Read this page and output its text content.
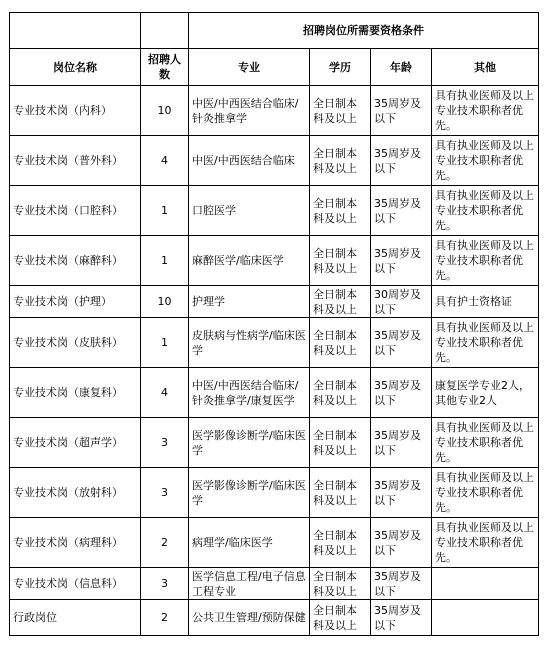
		招聘岗位所需要资格条件			
岗位名称	招聘人数	专业	学历	年龄	其他
专业技术岗（内科）	10	中医/中西医结合临床/针灸推拿学	全日制本科及以上	35周岁及以下	具有执业医师及以上专业技术职称者优先。
专业技术岗（普外科）	4	中医/中西医结合临床	全日制本科及以上	35周岁及以下	具有执业医师及以上专业技术职称者优先。
专业技术岗（口腔科）	1	口腔医学	全日制本科及以上	35周岁及以下	具有执业医师及以上专业技术职称者优先。
专业技术岗（麻醉科）	1	麻醉医学/临床医学	全日制本科及以上	35周岁及以下	具有执业医师及以上专业技术职称者优先。
专业技术岗（护理）	10	护理学	全日制本科及以上	30周岁及以下	具有护士资格证
专业技术岗（皮肤科）	1	皮肤病与性病学/临床医学	全日制本科及以上	35周岁及以下	具有执业医师及以上专业技术职称者优先。
专业技术岗（康复科）	4	中医/中西医结合临床/针灸推拿学/康复医学	全日制本科及以上	35周岁及以下	康复医学专业2人，其他专业2人
专业技术岗（超声学）	3	医学影像诊断学/临床医学	全日制本科及以上	35周岁及以下	具有执业医师及以上专业技术职称者优先。
专业技术岗（放射科）	3	医学影像诊断学/临床医学	全日制本科及以上	35周岁及以下	具有执业医师及以上专业技术职称者优先。
专业技术岗（病理科）	2	病理学/临床医学	全日制本科及以上	35周岁及以下	具有执业医师及以上专业技术职称者优先。
专业技术岗（信息科）	3	医学信息工程/电子信息工程专业	全日制本科及以上	35周岁及以下	
行政岗位	2	公共卫生管理/预防保健	全日制本科及以上	35周岁及以下	
